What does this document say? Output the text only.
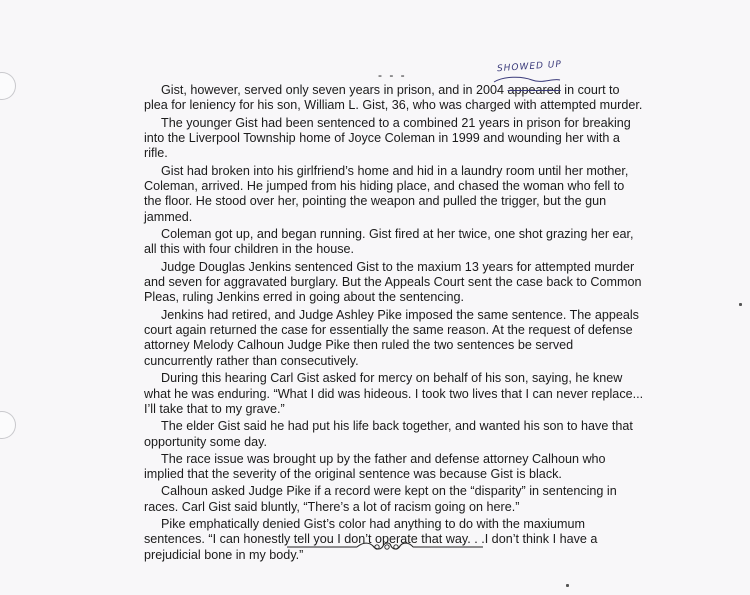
- - -
SHOWED UP

Gist, however, served only seven years in prison, and in 2004 appeared in court to plea for leniency for his son, William L. Gist, 36, who was charged with attempted murder.

The younger Gist had been sentenced to a combined 21 years in prison for breaking into the Liverpool Township home of Joyce Coleman in 1999 and wounding her with a rifle.

Gist had broken into his girlfriend’s home and hid in a laundry room until her mother, Coleman, arrived. He jumped from his hiding place, and chased the woman who fell to the floor. He stood over her, pointing the weapon and pulled the trigger, but the gun jammed.

Coleman got up, and began running. Gist fired at her twice, one shot grazing her ear, all this with four children in the house.

Judge Douglas Jenkins sentenced Gist to the maxium 13 years for attempted murder and seven for aggravated burglary. But the Appeals Court sent the case back to Common Pleas, ruling Jenkins erred in going about the sentencing.

Jenkins had retired, and Judge Ashley Pike imposed the same sentence. The appeals court again returned the case for essentially the same reason. At the request of defense attorney Melody Calhoun Judge Pike then ruled the two sentences be served cuncurrently rather than consecutively.

During this hearing Carl Gist asked for mercy on behalf of his son, saying, he knew what he was enduring. “What I did was hideous. I took two lives that I can never replace... I’ll take that to my grave.”

The elder Gist said he had put his life back together, and wanted his son to have that opportunity some day.

The race issue was brought up by the father and defense attorney Calhoun who implied that the severity of the original sentence was because Gist is black.

Calhoun asked Judge Pike if a record were kept on the “disparity” in sentencing in races. Carl Gist said bluntly, “There’s a lot of racism going on here.”

Pike emphatically denied Gist’s color had anything to do with the maxiumum sentences. “I can honestly tell you I don’t operate that way. . .I don’t think I have a prejudicial bone in my body.”
